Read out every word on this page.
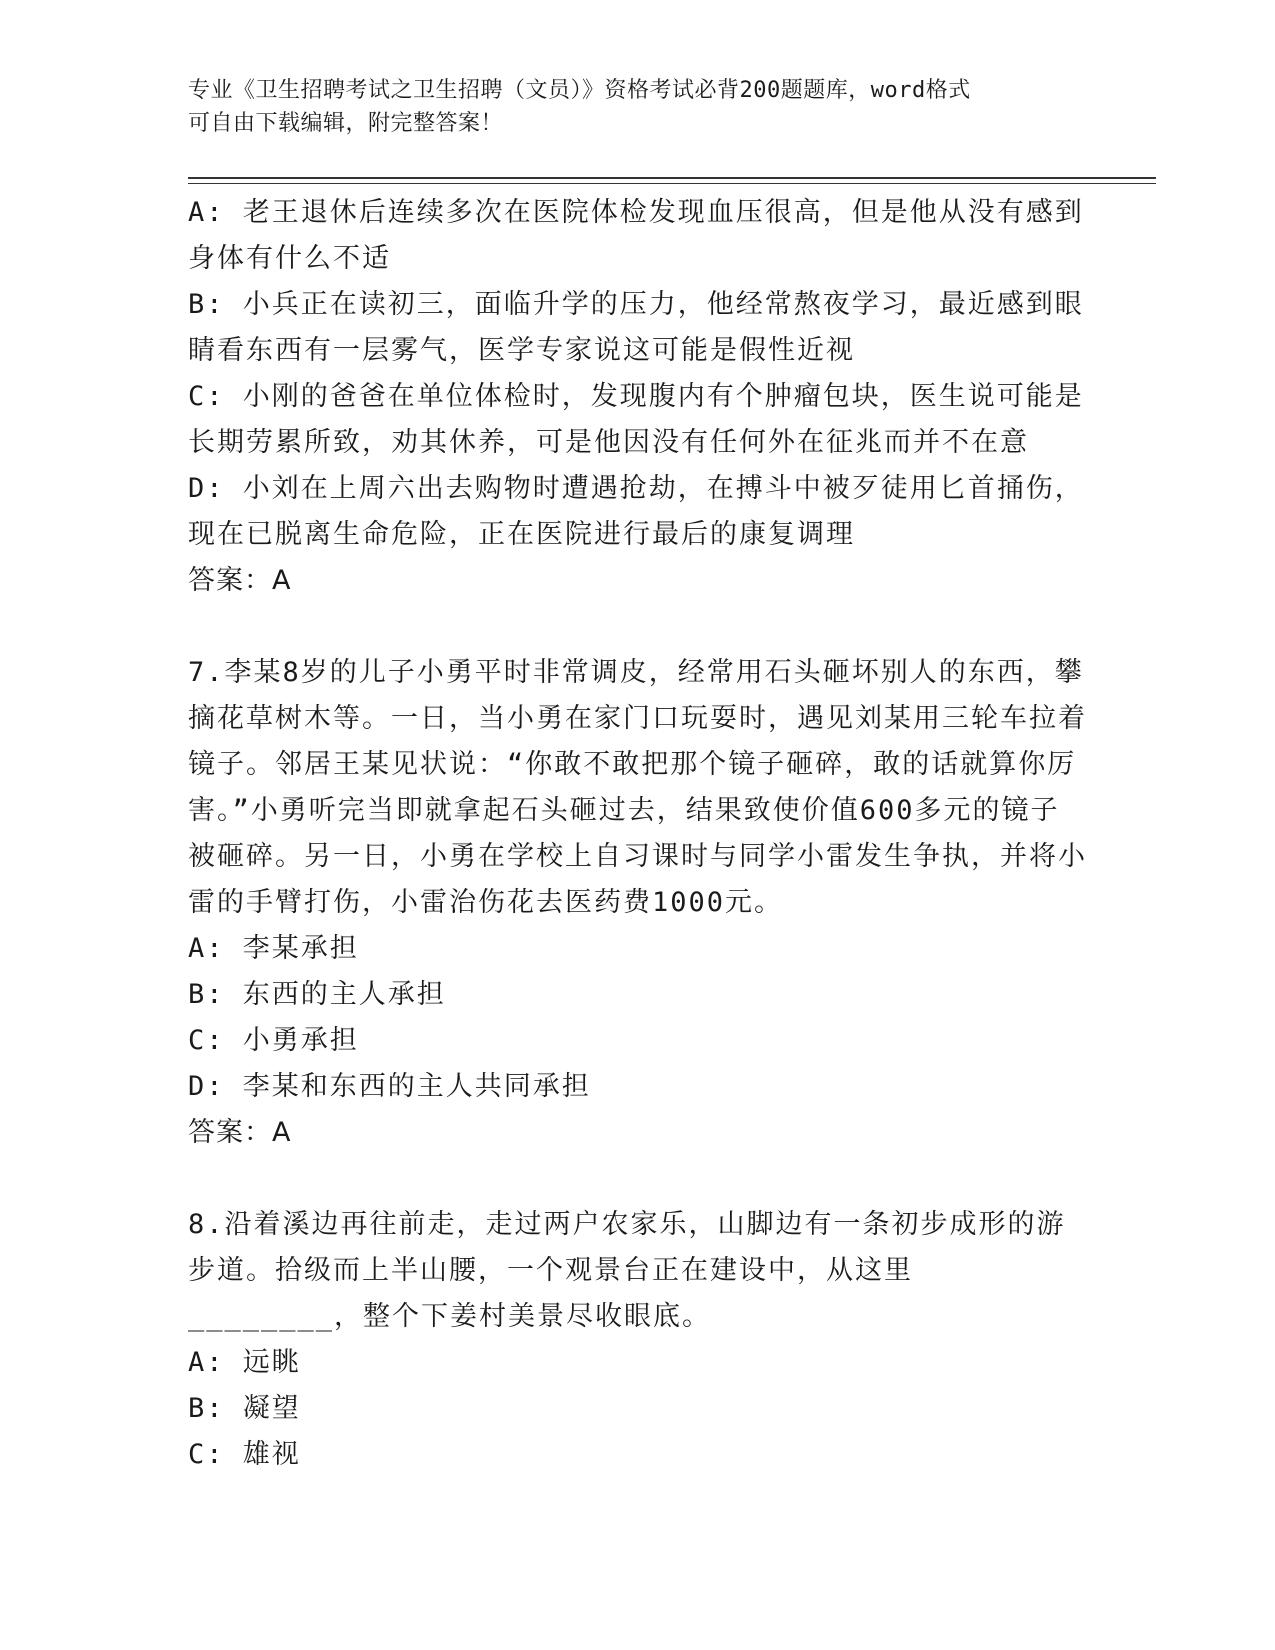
专业《卫生招聘考试之卫生招聘（文员）》资格考试必背200题题库，word格式
可自由下载编辑，附完整答案！

A: 老王退休后连续多次在医院体检发现血压很高，但是他从没有感到身体有什么不适

B: 小兵正在读初三，面临升学的压力，他经常熬夜学习，最近感到眼睛看东西有一层雾气，医学专家说这可能是假性近视

C: 小刚的爸爸在单位体检时，发现腹内有个肿瘤包块，医生说可能是长期劳累所致，劝其休养，可是他因没有任何外在征兆而并不在意

D: 小刘在上周六出去购物时遭遇抢劫，在搏斗中被歹徒用匕首捅伤，现在已脱离生命危险，正在医院进行最后的康复调理

答案：A

7.李某8岁的儿子小勇平时非常调皮，经常用石头砸坏别人的东西，攀摘花草树木等。一日，当小勇在家门口玩耍时，遇见刘某用三轮车拉着镜子。邻居王某见状说：“你敢不敢把那个镜子砸碎，敢的话就算你厉害。”小勇听完当即就拿起石头砸过去，结果致使价值600多元的镜子被砸碎。另一日，小勇在学校上自习课时与同学小雷发生争执，并将小雷的手臂打伤，小雷治伤花去医药费1000元。

A: 李某承担

B: 东西的主人承担

C: 小勇承担

D: 李某和东西的主人共同承担

答案：A

8.沿着溪边再往前走，走过两户农家乐，山脚边有一条初步成形的游步道。拾级而上半山腰，一个观景台正在建设中，从这里________，整个下姜村美景尽收眼底。

A: 远眺

B: 凝望

C: 雄视
